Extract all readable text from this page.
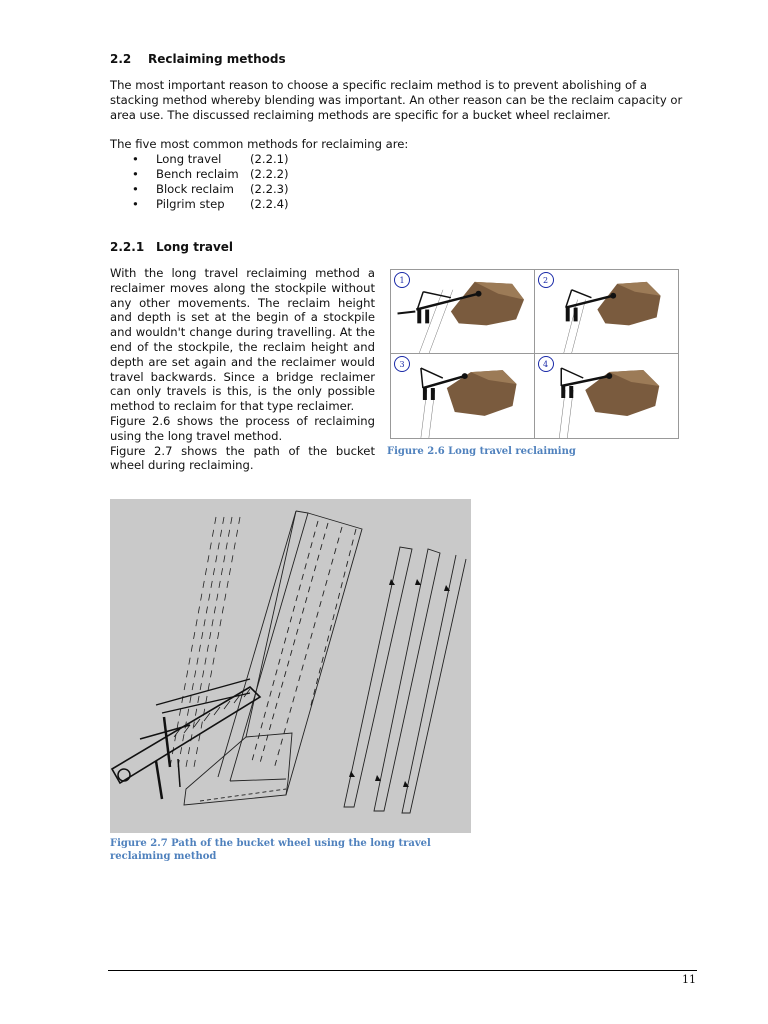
2.2 Reclaiming methods

The most important reason to choose a specific reclaim method is to prevent abolishing of a stacking method whereby blending was important. An other reason can be the reclaim capacity or area use. The discussed reclaiming methods are specific for a bucket wheel reclaimer.

The five most common methods for reclaiming are:

• Long travel (2.2.1)
• Bench reclaim (2.2.2)
• Block reclaim (2.2.3)
• Pilgrim step (2.2.4)
2.2.1 Long travel

With the long travel reclaiming method a reclaimer moves along the stockpile without any other movements. The reclaim height and depth is set at the begin of a stockpile and wouldn't change during travelling. At the end of the stockpile, the reclaim height and depth are set again and the reclaimer would travel backwards. Since a bridge reclaimer can only travels is this, is the only possible method to reclaim for that type reclaimer.

Figure 2.6 shows the process of reclaiming using the long travel method.

Figure 2.7 shows the path of the bucket wheel during reclaiming.

1	2
3	4
Figure 2.6 Long travel reclaiming
Figure 2.7 Path of the bucket wheel using the long travel reclaiming method
11
